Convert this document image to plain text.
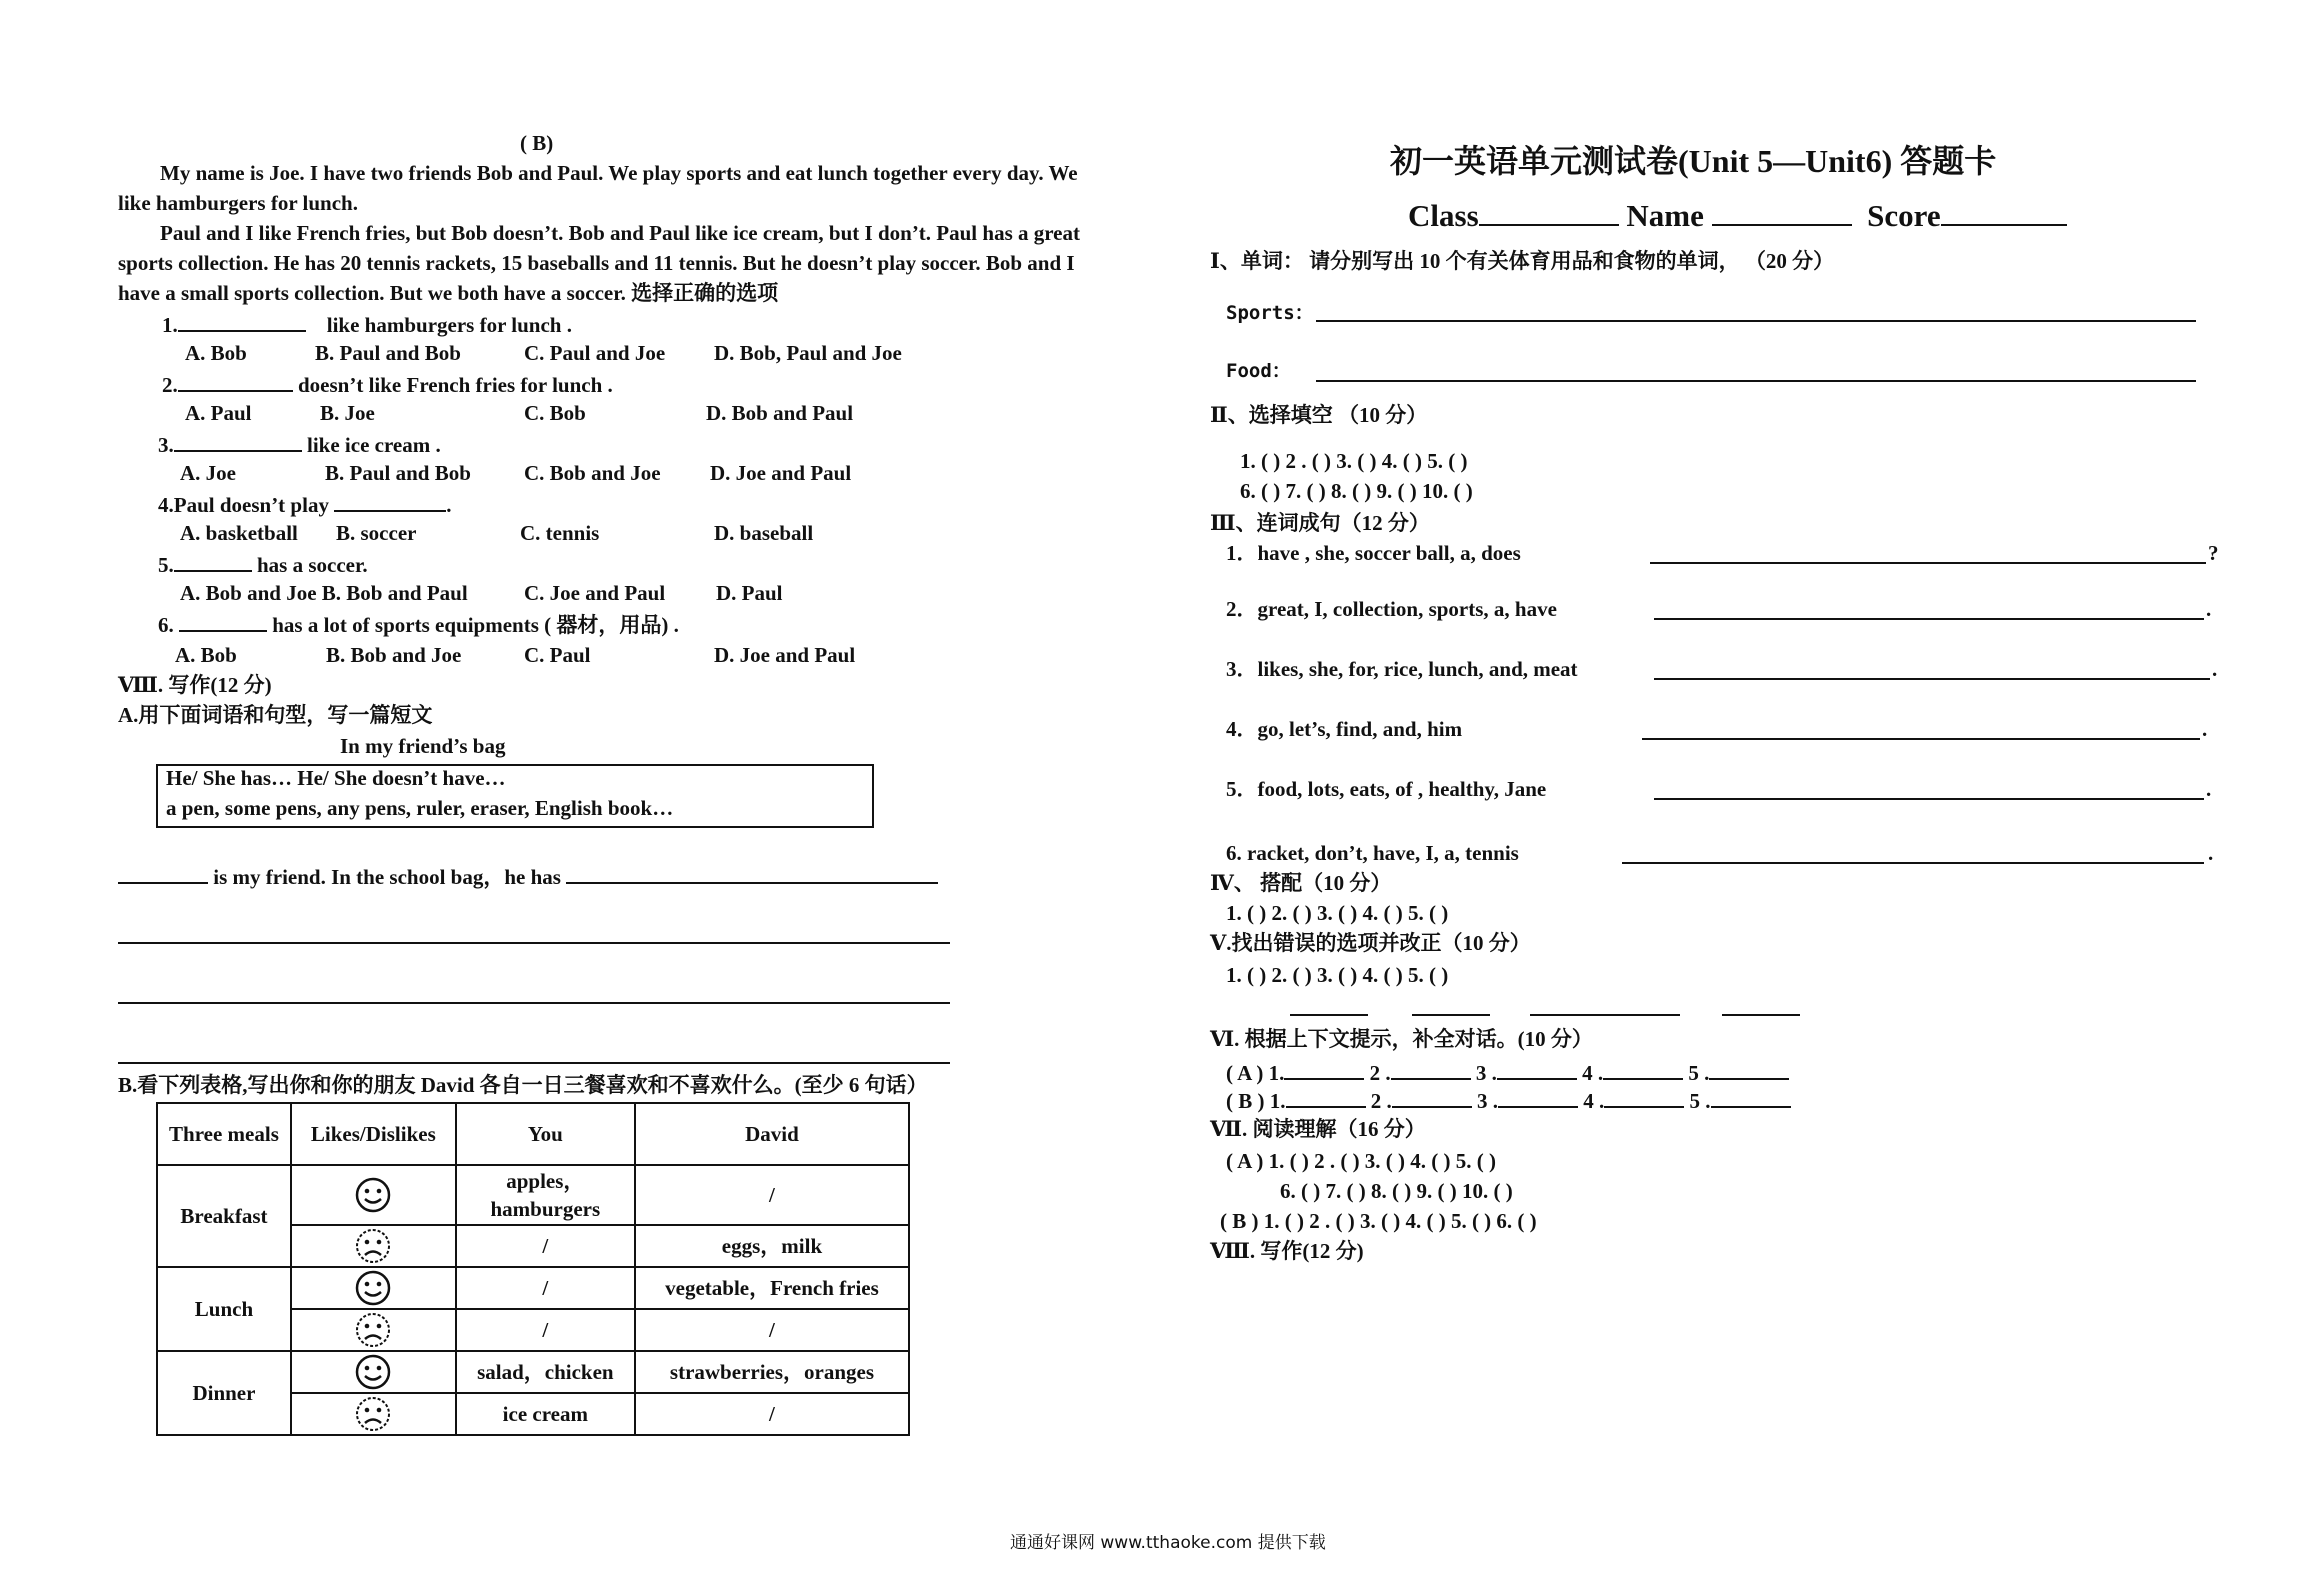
( B)
My name is Joe. I have two friends Bob and Paul. We play sports and eat lunch together every day. We
like hamburgers for lunch.
Paul and I like French fries, but Bob doesn’t. Bob and Paul like ice cream, but I don’t. Paul has a great
sports collection. He has 20 tennis rackets, 15 baseballs and 11 tennis. But he doesn’t play soccer. Bob and I
have a small sports collection. But we both have a soccer. 选择正确的选项
1.	like hamburgers for lunch .
A. Bob	B. Paul and Bob	C. Paul and Joe D. Bob, Paul and Joe
2.	doesn’t like French fries for lunch .
A. Paul	B. Joe	C. Bob	D. Bob and Paul
3.	like ice cream .
A. Joe	B. Paul and Bob	C. Bob and Joe D. Joe and Paul
4.Paul doesn’t play	.
A. basketball B. soccer	C. tennis	D. baseball
5.	has a soccer.
A. Bob and Joe B. Bob and Paul	C. Joe and Paul D. Paul
6.	has a lot of sports equipments ( 器材，用品) .
A. Bob	B. Bob and Joe	C. Paul	D. Joe and Paul
Ⅷ. 写作(12 分)
A.用下面词语和句型，写一篇短文
In my friend’s bag
He/ She has… He/ She doesn’t have…
a pen, some pens, any pens, ruler, eraser, English book…
is my friend. In the school bag，he has
B.看下列表格,写出你和你的朋友 David 各自一日三餐喜欢和不喜欢什么。(至少 6 句话）
Three meals	Likes/Dislikes	You	David
Breakfast		apples，hamburgers	/
	/	eggs，milk
Lunch		/	vegetable，French fries
	/	/
Dinner		salad，chicken	strawberries，oranges
	ice cream	/
初一英语单元测试卷(Unit 5—Unit6) 答题卡
Class	Name	Score
Ⅰ、单词： 请分别写出 10 个有关体育用品和食物的单词， （20 分）
Sports：
Food：
Ⅱ、选择填空 （10 分）
1. ( ) 2 . ( ) 3. ( ) 4. ( ) 5. ( )
6. ( ) 7. ( ) 8. ( ) 9. ( ) 10. ( )
Ⅲ、连词成句（12 分）
1．have , she, soccer ball, a, does	?
2．great, I, collection, sports, a, have	.
3．likes, she, for, rice, lunch, and, meat	.
4．go, let’s, find, and, him	.
5．food, lots, eats, of , healthy, Jane	.
6. racket, don’t, have, I, a, tennis	.
Ⅳ、 搭配（10 分）
1. ( ) 2. ( ) 3. ( ) 4. ( ) 5. ( )
Ⅴ.找出错误的选项并改正（10 分）
1. ( ) 2. ( ) 3. ( ) 4. ( ) 5. ( )
Ⅵ. 根据上下文提示，补全对话。(10 分）
( A ) 1.	2 .	3 .	4 .	5 .
( B ) 1.	2 .	3 .	4 .	5 .
Ⅶ. 阅读理解（16 分）
( A ) 1. ( ) 2 . ( ) 3. ( ) 4. ( ) 5. ( )
6. ( ) 7. ( ) 8. ( ) 9. ( ) 10. ( )
( B ) 1. ( ) 2 . ( ) 3. ( ) 4. ( ) 5. ( ) 6. ( )
Ⅷ. 写作(12 分)
通通好课网 www.tthaoke.com 提供下载
